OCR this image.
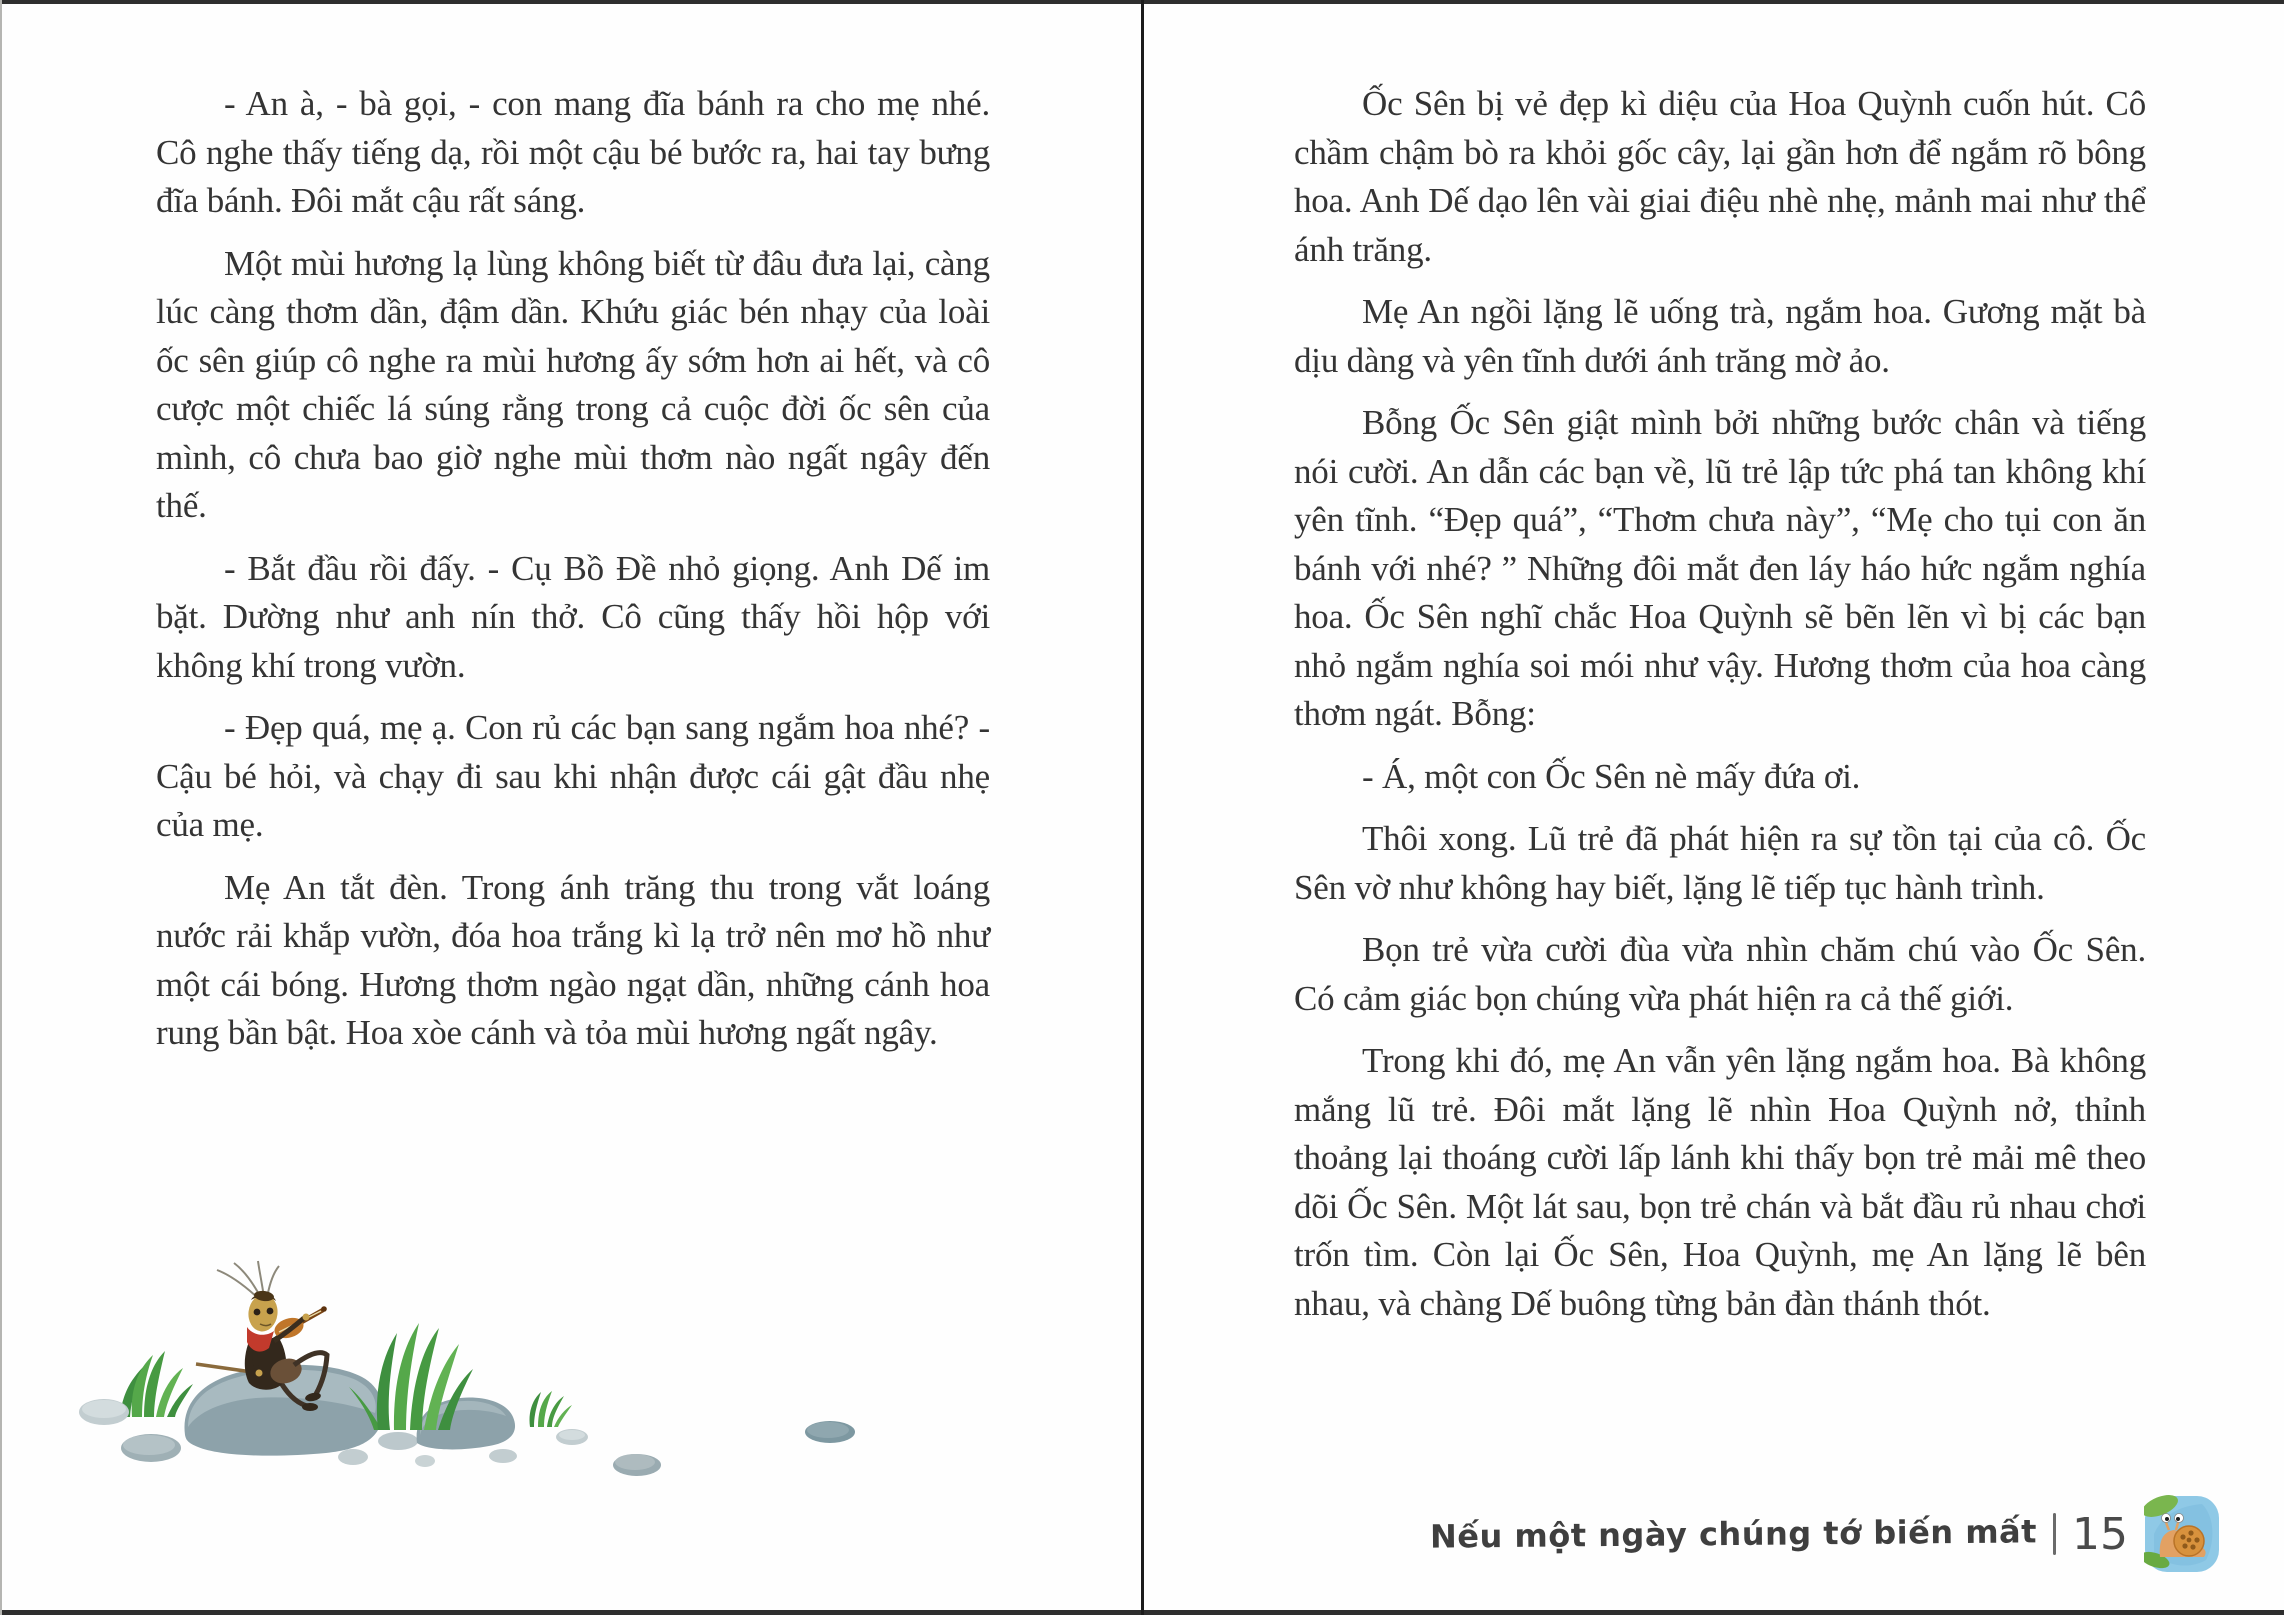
- An à, - bà gọi, - con mang đĩa bánh ra cho mẹ nhé. Cô nghe thấy tiếng dạ, rồi một cậu bé bước ra, hai tay bưng đĩa bánh. Đôi mắt cậu rất sáng.

Một mùi hương lạ lùng không biết từ đâu đưa lại, càng lúc càng thơm dần, đậm dần. Khứu giác bén nhạy của loài ốc sên giúp cô nghe ra mùi hương ấy sớm hơn ai hết, và cô cược một chiếc lá súng rằng trong cả cuộc đời ốc sên của mình, cô chưa bao giờ nghe mùi thơm nào ngất ngây đến thế.

- Bắt đầu rồi đấy. - Cụ Bồ Đề nhỏ giọng. Anh Dế im bặt. Dường như anh nín thở. Cô cũng thấy hồi hộp với không khí trong vườn.

- Đẹp quá, mẹ ạ. Con rủ các bạn sang ngắm hoa nhé? - Cậu bé hỏi, và chạy đi sau khi nhận được cái gật đầu nhẹ của mẹ.

Mẹ An tắt đèn. Trong ánh trăng thu trong vắt loáng nước rải khắp vườn, đóa hoa trắng kì lạ trở nên mơ hồ như một cái bóng. Hương thơm ngào ngạt dần, những cánh hoa rung bần bật. Hoa xòe cánh và tỏa mùi hương ngất ngây.

Ốc Sên bị vẻ đẹp kì diệu của Hoa Quỳnh cuốn hút. Cô chầm chậm bò ra khỏi gốc cây, lại gần hơn để ngắm rõ bông hoa. Anh Dế dạo lên vài giai điệu nhè nhẹ, mảnh mai như thể ánh trăng.

Mẹ An ngồi lặng lẽ uống trà, ngắm hoa. Gương mặt bà dịu dàng và yên tĩnh dưới ánh trăng mờ ảo.

Bỗng Ốc Sên giật mình bởi những bước chân và tiếng nói cười. An dẫn các bạn về, lũ trẻ lập tức phá tan không khí yên tĩnh. “Đẹp quá”, “Thơm chưa này”, “Mẹ cho tụi con ăn bánh với nhé? ” Những đôi mắt đen láy háo hức ngắm nghía hoa. Ốc Sên nghĩ chắc Hoa Quỳnh sẽ bẽn lẽn vì bị các bạn nhỏ ngắm nghía soi mói như vậy. Hương thơm của hoa càng thơm ngát. Bỗng:

- Á, một con Ốc Sên nè mấy đứa ơi.

Thôi xong. Lũ trẻ đã phát hiện ra sự tồn tại của cô. Ốc Sên vờ như không hay biết, lặng lẽ tiếp tục hành trình.

Bọn trẻ vừa cười đùa vừa nhìn chăm chú vào Ốc Sên. Có cảm giác bọn chúng vừa phát hiện ra cả thế giới.

Trong khi đó, mẹ An vẫn yên lặng ngắm hoa. Bà không mắng lũ trẻ. Đôi mắt lặng lẽ nhìn Hoa Quỳnh nở, thỉnh thoảng lại thoáng cười lấp lánh khi thấy bọn trẻ mải mê theo dõi Ốc Sên. Một lát sau, bọn trẻ chán và bắt đầu rủ nhau chơi trốn tìm. Còn lại Ốc Sên, Hoa Quỳnh, mẹ An lặng lẽ bên nhau, và chàng Dế buông từng bản đàn thánh thót.

Nếu một ngày chúng tớ biến mất 15
